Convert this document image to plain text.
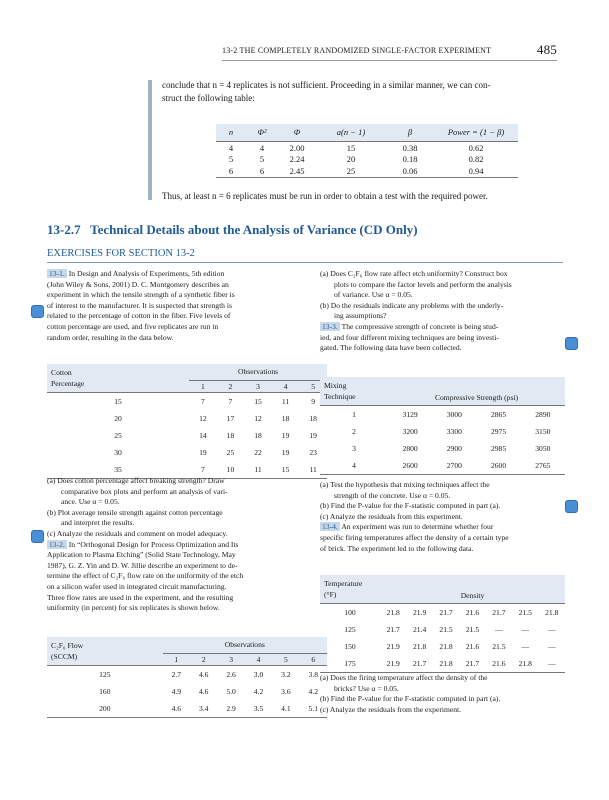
13-2 THE COMPLETELY RANDOMIZED SINGLE-FACTOR EXPERIMENT	485
conclude that n = 4 replicates is not sufficient. Proceeding in a similar manner, we can con-
struct the following table:
n	Φ²	Φ	a(n − 1)	β	Power = (1 − β)
4	4	2.00	15	0.38	0.62
5	5	2.24	20	0.18	0.82
6	6	2.45	25	0.06	0.94
Thus, at least n = 6 replicates must be run in order to obtain a test with the required power.
13-2.7 Technical Details about the Analysis of Variance (CD Only)
EXERCISES FOR SECTION 13-2
13-1. In Design and Analysis of Experiments, 5th edition
(John Wiley & Sons, 2001) D. C. Montgomery describes an
experiment in which the tensile strength of a synthetic fiber is
of interest to the manufacturer. It is suspected that strength is
related to the percentage of cotton in the fiber. Five levels of
cotton percentage are used, and five replicates are run in
random order, resulting in the data below.
Cotton
Percentage	Observations				
	1	2	3	4	5
15	7	7	15	11	9
20	12	17	12	18	18
25	14	18	18	19	19
30	19	25	22	19	23
35	7	10	11	15	11
(a) Does cotton percentage affect breaking strength? Draw
comparative box plots and perform an analysis of vari-
ance. Use α = 0.05.
(b) Plot average tensile strength against cotton percentage
and interpret the results.
(c) Analyze the residuals and comment on model adequacy.
13-2. In “Orthogonal Design for Process Optimization and Its
Application to Plasma Etching” (Solid State Technology, May
1987), G. Z. Yin and D. W. Jillie describe an experiment to de-
termine the effect of C₂F₆ flow rate on the uniformity of the etch
on a silicon wafer used in integrated circuit manufacturing.
Three flow rates are used in the experiment, and the resulting
uniformity (in percent) for six replicates is shown below.
C₂F₆ Flow
(SCCM)	Observations					
	1	2	3	4	5	6
125	2.7	4.6	2.6	3.0	3.2	3.8
160	4.9	4.6	5.0	4.2	3.6	4.2
200	4.6	3.4	2.9	3.5	4.1	5.1
(a) Does C₂F₆ flow rate affect etch uniformity? Construct box
plots to compare the factor levels and perform the analysis
of variance. Use α = 0.05.
(b) Do the residuals indicate any problems with the underly-
ing assumptions?
13-3. The compressive strength of concrete is being stud-
ied, and four different mixing techniques are being investi-
gated. The following data have been collected.
Mixing
Technique	Compressive Strength (psi)			
1	3129	3000	2865	2890
2	3200	3300	2975	3150
3	2800	2900	2985	3050
4	2600	2700	2600	2765
(a) Test the hypothesis that mixing techniques affect the
strength of the concrete. Use α = 0.05.
(b) Find the P-value for the F-statistic computed in part (a).
(c) Analyze the residuals from this experiment.
13-4. An experiment was run to determine whether four
specific firing temperatures affect the density of a certain type
of brick. The experiment led to the following data.
Temperature
(°F)	Density						
100	21.8	21.9	21.7	21.6	21.7	21.5	21.8
125	21.7	21.4	21.5	21.5	—	—	—
150	21.9	21.8	21.8	21.6	21.5	—	—
175	21.9	21.7	21.8	21.7	21.6	21.8	—
(a) Does the firing temperature affect the density of the
bricks? Use α = 0.05.
(b) Find the P-value for the F-statistic computed in part (a).
(c) Analyze the residuals from the experiment.
